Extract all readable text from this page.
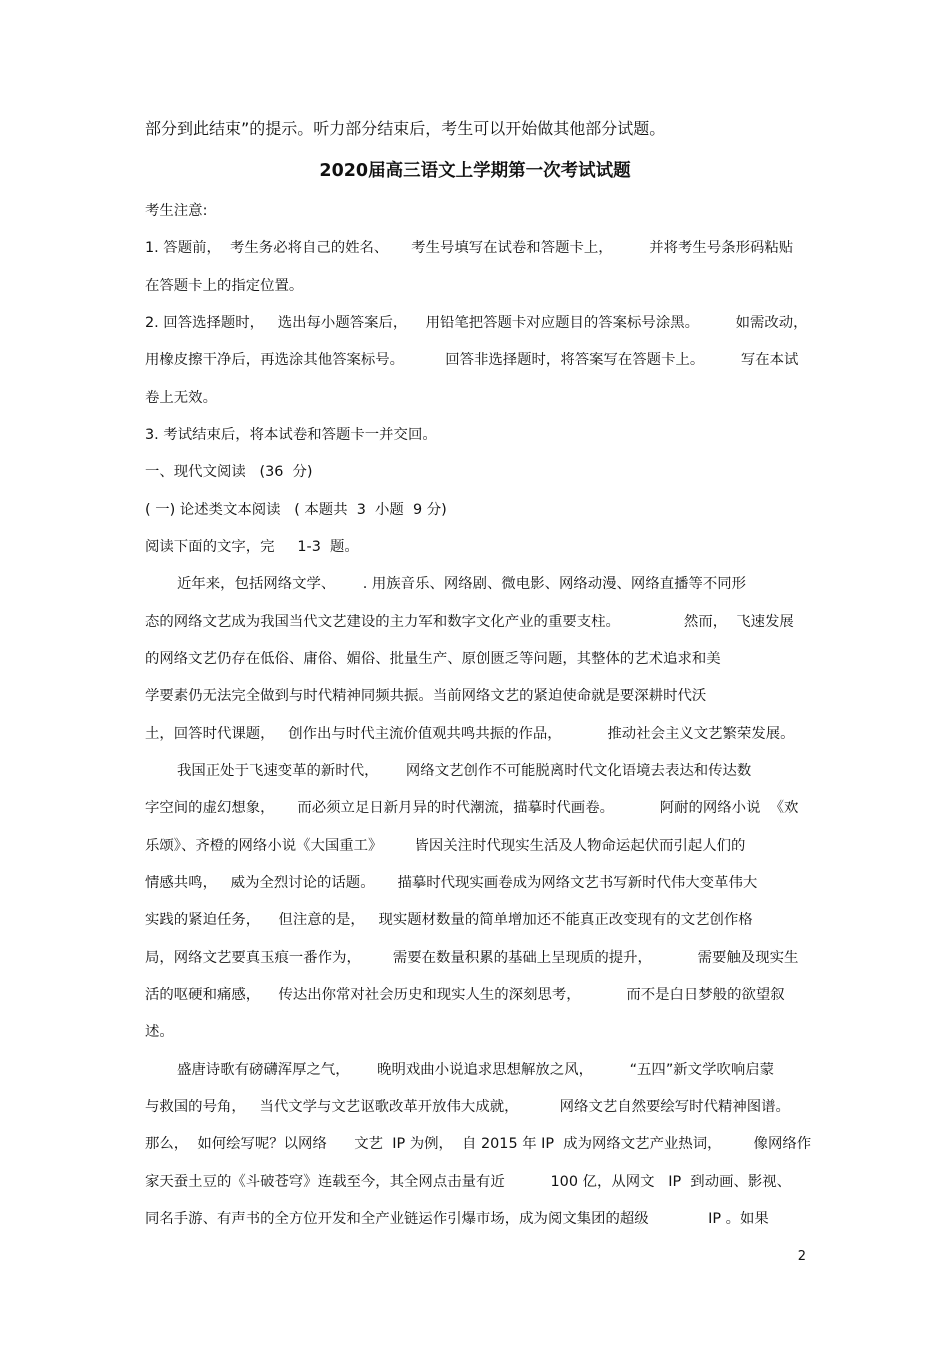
部分到此结束”的提示。听力部分结束后，考生可以开始做其他部分试题。
2020届高三语文上学期第一次考试试题
考生注意:
1. 答题前，  考生务必将自己的姓名、     考生号填写在试卷和答题卡上，        并将考生号条形码粘贴
在答题卡上的指定位置。
2. 回答选择题时，   选出每小题答案后，    用铅笔把答题卡对应题目的答案标号涂黑。        如需改动，
用橡皮擦干净后，再选涂其他答案标号。         回答非选择题时，将答案写在答题卡上。        写在本试
卷上无效。
3. 考试结束后，将本试卷和答题卡一并交回。
一、现代文阅读   (36  分)
( 一) 论述类文本阅读   ( 本题共  3  小题  9 分)
阅读下面的文字，完     1-3  题。
近年来，包括网络文学、      . 用族音乐、网络剧、微电影、网络动漫、网络直播等不同形
态的网络文艺成为我国当代文艺建设的主力军和数字文化产业的重要支柱。              然而，  飞速发展
的网络文艺仍存在低俗、庸俗、媚俗、批量生产、原创匮乏等问题，其整体的艺术追求和美
学要素仍无法完全做到与时代精神同频共振。当前网络文艺的紧迫使命就是要深耕时代沃
土，回答时代课题，   创作出与时代主流价值观共鸣共振的作品，          推动社会主义文艺繁荣发展。
我国正处于飞速变革的新时代，      网络文艺创作不可能脱离时代文化语境去表达和传达数
字空间的虚幻想象，     而必须立足日新月异的时代潮流，描摹时代画卷。          阿耐的网络小说  《欢
乐颂》、齐橙的网络小说《大国重工》       皆因关注时代现实生活及人物命运起伏而引起人们的
情感共鸣，   威为全烈讨论的话题。     描摹时代现实画卷成为网络文艺书写新时代伟大变革伟大
实践的紧迫任务，    但注意的是，   现实题材数量的简单增加还不能真正改变现有的文艺创作格
局，网络文艺要真玉痕一番作为，       需要在数量积累的基础上呈现质的提升，          需要触及现实生
活的呕硬和痛感，    传达出你常对社会历史和现实人生的深刻思考，          而不是白日梦般的欲望叙
述。
盛唐诗歌有磅礴浑厚之气，      晚明戏曲小说追求思想解放之风，        “五四”新文学吹响启蒙
与救国的号角，   当代文学与文艺讴歌改革开放伟大成就，         网络文艺自然要绘写时代精神图谱。
那么，  如何绘写呢？以网络      文艺  IP 为例，  自 2015 年 IP  成为网络文艺产业热词，       像网络作
家天蚕土豆的《斗破苍穹》连载至今，其全网点击量有近          100 亿，从网文   IP  到动画、影视、
同名手游、有声书的全方位开发和全产业链运作引爆市场，成为阅文集团的超级             IP 。如果
2
